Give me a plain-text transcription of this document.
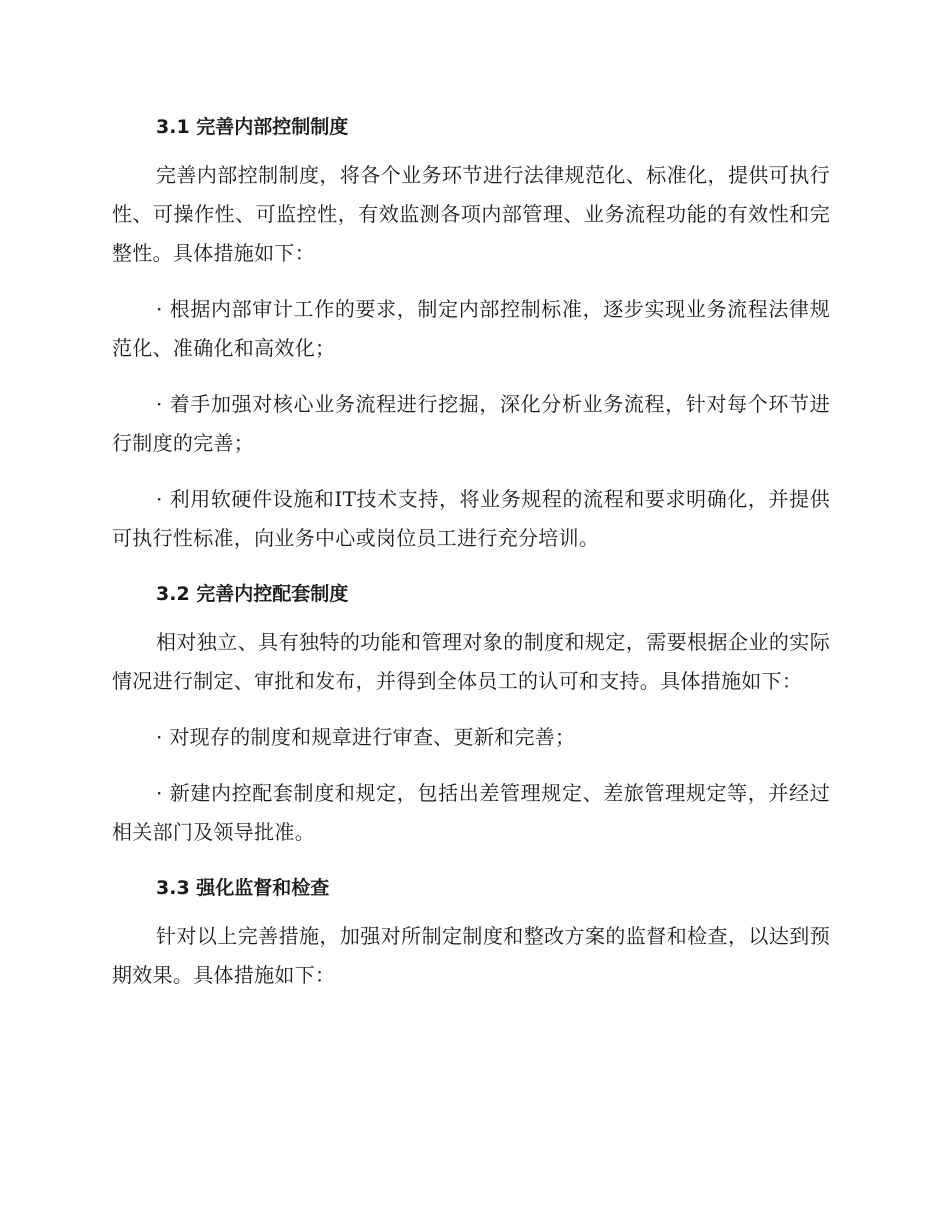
3.1 完善内部控制制度

完善内部控制制度，将各个业务环节进行法律规范化、标准化，提供可执行性、可操作性、可监控性，有效监测各项内部管理、业务流程功能的有效性和完整性。具体措施如下：

· 根据内部审计工作的要求，制定内部控制标准，逐步实现业务流程法律规范化、准确化和高效化；

· 着手加强对核心业务流程进行挖掘，深化分析业务流程，针对每个环节进行制度的完善；

· 利用软硬件设施和IT技术支持，将业务规程的流程和要求明确化，并提供可执行性标准，向业务中心或岗位员工进行充分培训。

3.2 完善内控配套制度

相对独立、具有独特的功能和管理对象的制度和规定，需要根据企业的实际情况进行制定、审批和发布，并得到全体员工的认可和支持。具体措施如下：

· 对现存的制度和规章进行审查、更新和完善；

· 新建内控配套制度和规定，包括出差管理规定、差旅管理规定等，并经过相关部门及领导批准。

3.3 强化监督和检查

针对以上完善措施，加强对所制定制度和整改方案的监督和检查，以达到预期效果。具体措施如下：
